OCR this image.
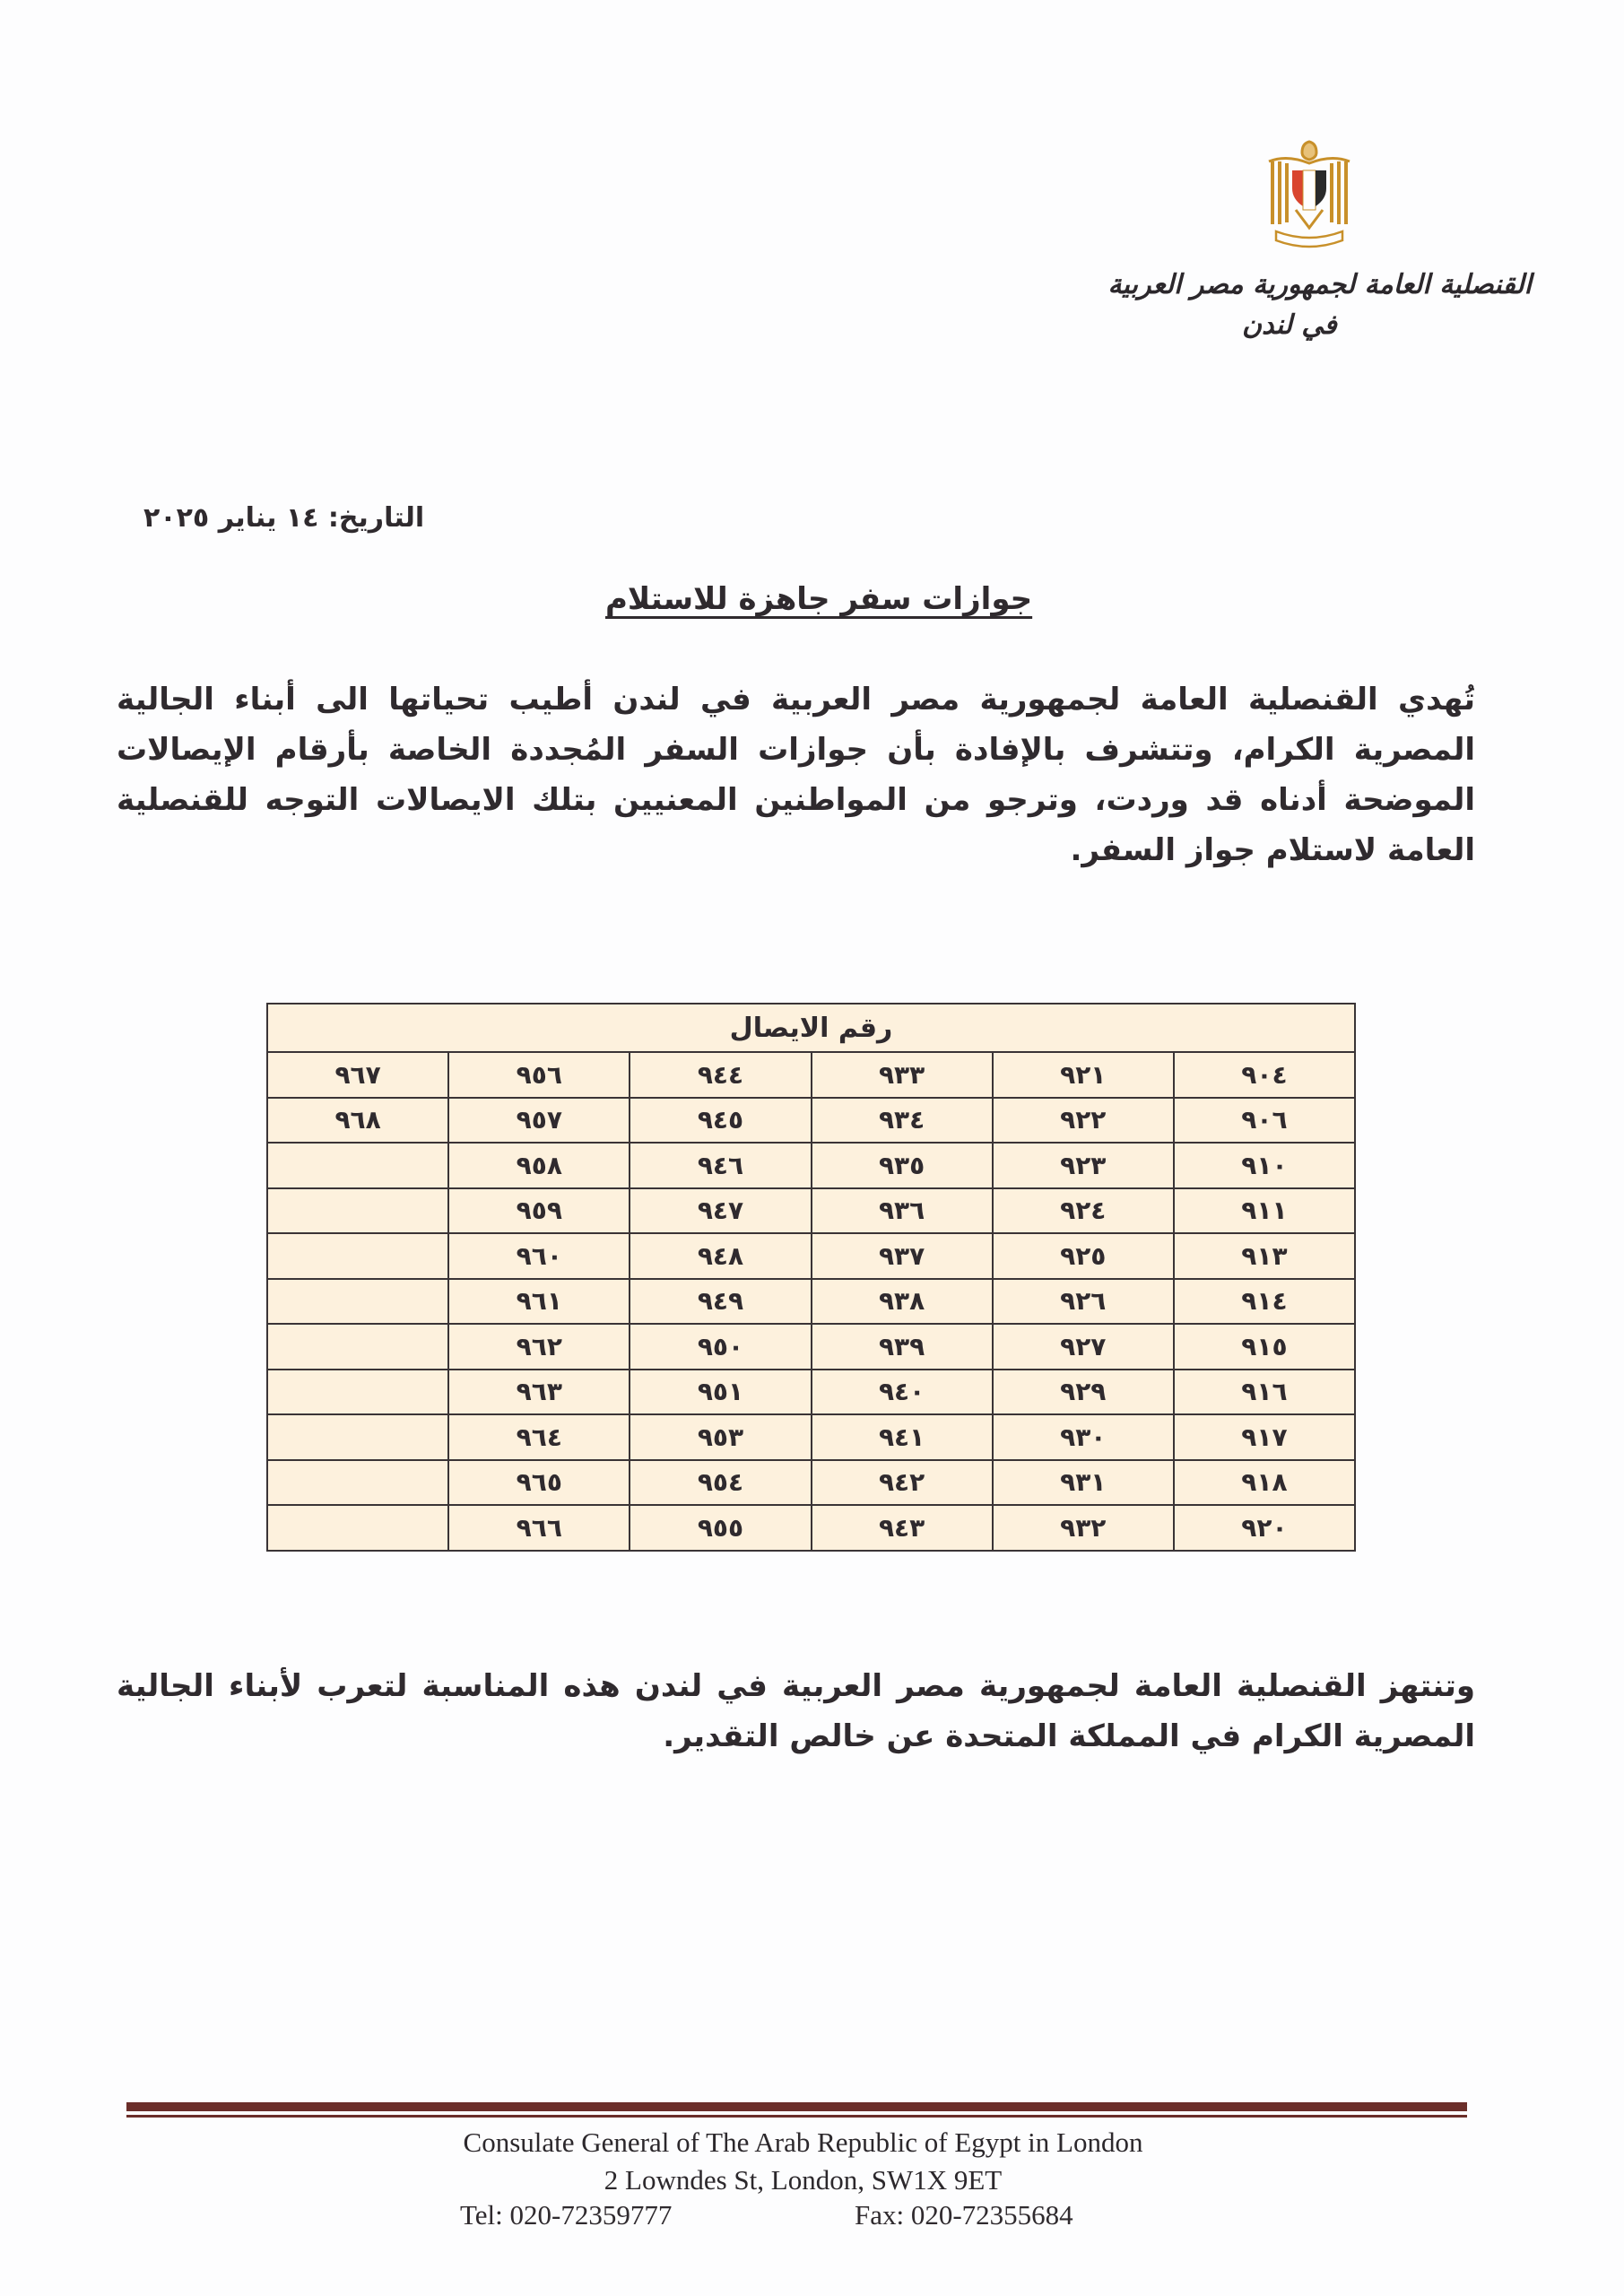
القنصلية العامة لجمهورية مصر العربية
في لندن
التاريخ: ١٤ يناير ٢٠٢٥
جوازات سفر جاهزة للاستلام
تُهدي القنصلية العامة لجمهورية مصر العربية في لندن أطيب تحياتها الى أبناء الجالية المصرية الكرام، وتتشرف بالإفادة بأن جوازات السفر المُجددة الخاصة بأرقام الإيصالات الموضحة أدناه قد وردت، وترجو من المواطنين المعنيين بتلك الايصالات التوجه للقنصلية العامة لاستلام جواز السفر.
رقم الايصال					
٩٠٤	٩٢١	٩٣٣	٩٤٤	٩٥٦	٩٦٧
٩٠٦	٩٢٢	٩٣٤	٩٤٥	٩٥٧	٩٦٨
٩١٠	٩٢٣	٩٣٥	٩٤٦	٩٥٨	
٩١١	٩٢٤	٩٣٦	٩٤٧	٩٥٩	
٩١٣	٩٢٥	٩٣٧	٩٤٨	٩٦٠	
٩١٤	٩٢٦	٩٣٨	٩٤٩	٩٦١	
٩١٥	٩٢٧	٩٣٩	٩٥٠	٩٦٢	
٩١٦	٩٢٩	٩٤٠	٩٥١	٩٦٣	
٩١٧	٩٣٠	٩٤١	٩٥٣	٩٦٤	
٩١٨	٩٣١	٩٤٢	٩٥٤	٩٦٥	
٩٢٠	٩٣٢	٩٤٣	٩٥٥	٩٦٦	
وتنتهز القنصلية العامة لجمهورية مصر العربية في لندن هذه المناسبة لتعرب لأبناء الجالية المصرية الكرام في المملكة المتحدة عن خالص التقدير.
Consulate General of The Arab Republic of Egypt in London
2 Lowndes St, London, SW1X 9ET
Tel: 020-72359777	Fax: 020-72355684
